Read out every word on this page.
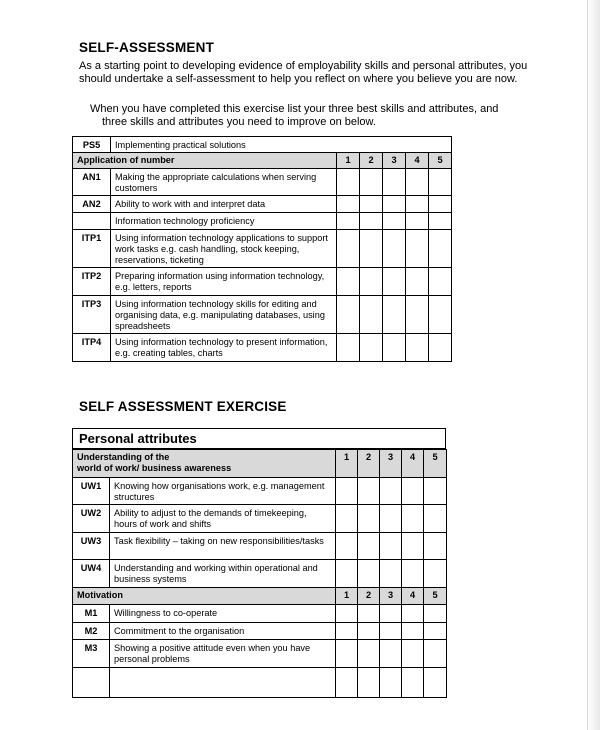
SELF-ASSESSMENT
As a starting point to developing evidence of employability skills and personal attributes, you should undertake a self-assessment to help you reflect on where you believe you are now.
When you have completed this exercise list your three best skills and attributes, and
three skills and attributes you need to improve on below.
PS5	Implementing practical solutions					
Application of number		1	2	3	4	5
AN1	Making the appropriate calculations when serving customers					
AN2	Ability to work with and interpret data					
	Information technology proficiency					
ITP1	Using information technology applications to support work tasks e.g. cash handling, stock keeping, reservations, ticketing					
ITP2	Preparing information using information technology, e.g. letters, reports					
ITP3	Using information technology skills for editing and organising data, e.g. manipulating databases, using spreadsheets					
ITP4	Using information technology to present information, e.g. creating tables, charts					
SELF ASSESSMENT EXERCISE
Personal attributes
Understanding of the
world of work/ business awareness		1	2	3	4	5
UW1	Knowing how organisations work, e.g. management structures					
UW2	Ability to adjust to the demands of timekeeping, hours of work and shifts					
UW3	Task flexibility – taking on new responsibilities/tasks					
UW4	Understanding and working within operational and business systems					
Motivation		1	2	3	4	5
M1	Willingness to co-operate					
M2	Commitment to the organisation					
M3	Showing a positive attitude even when you have personal problems					
